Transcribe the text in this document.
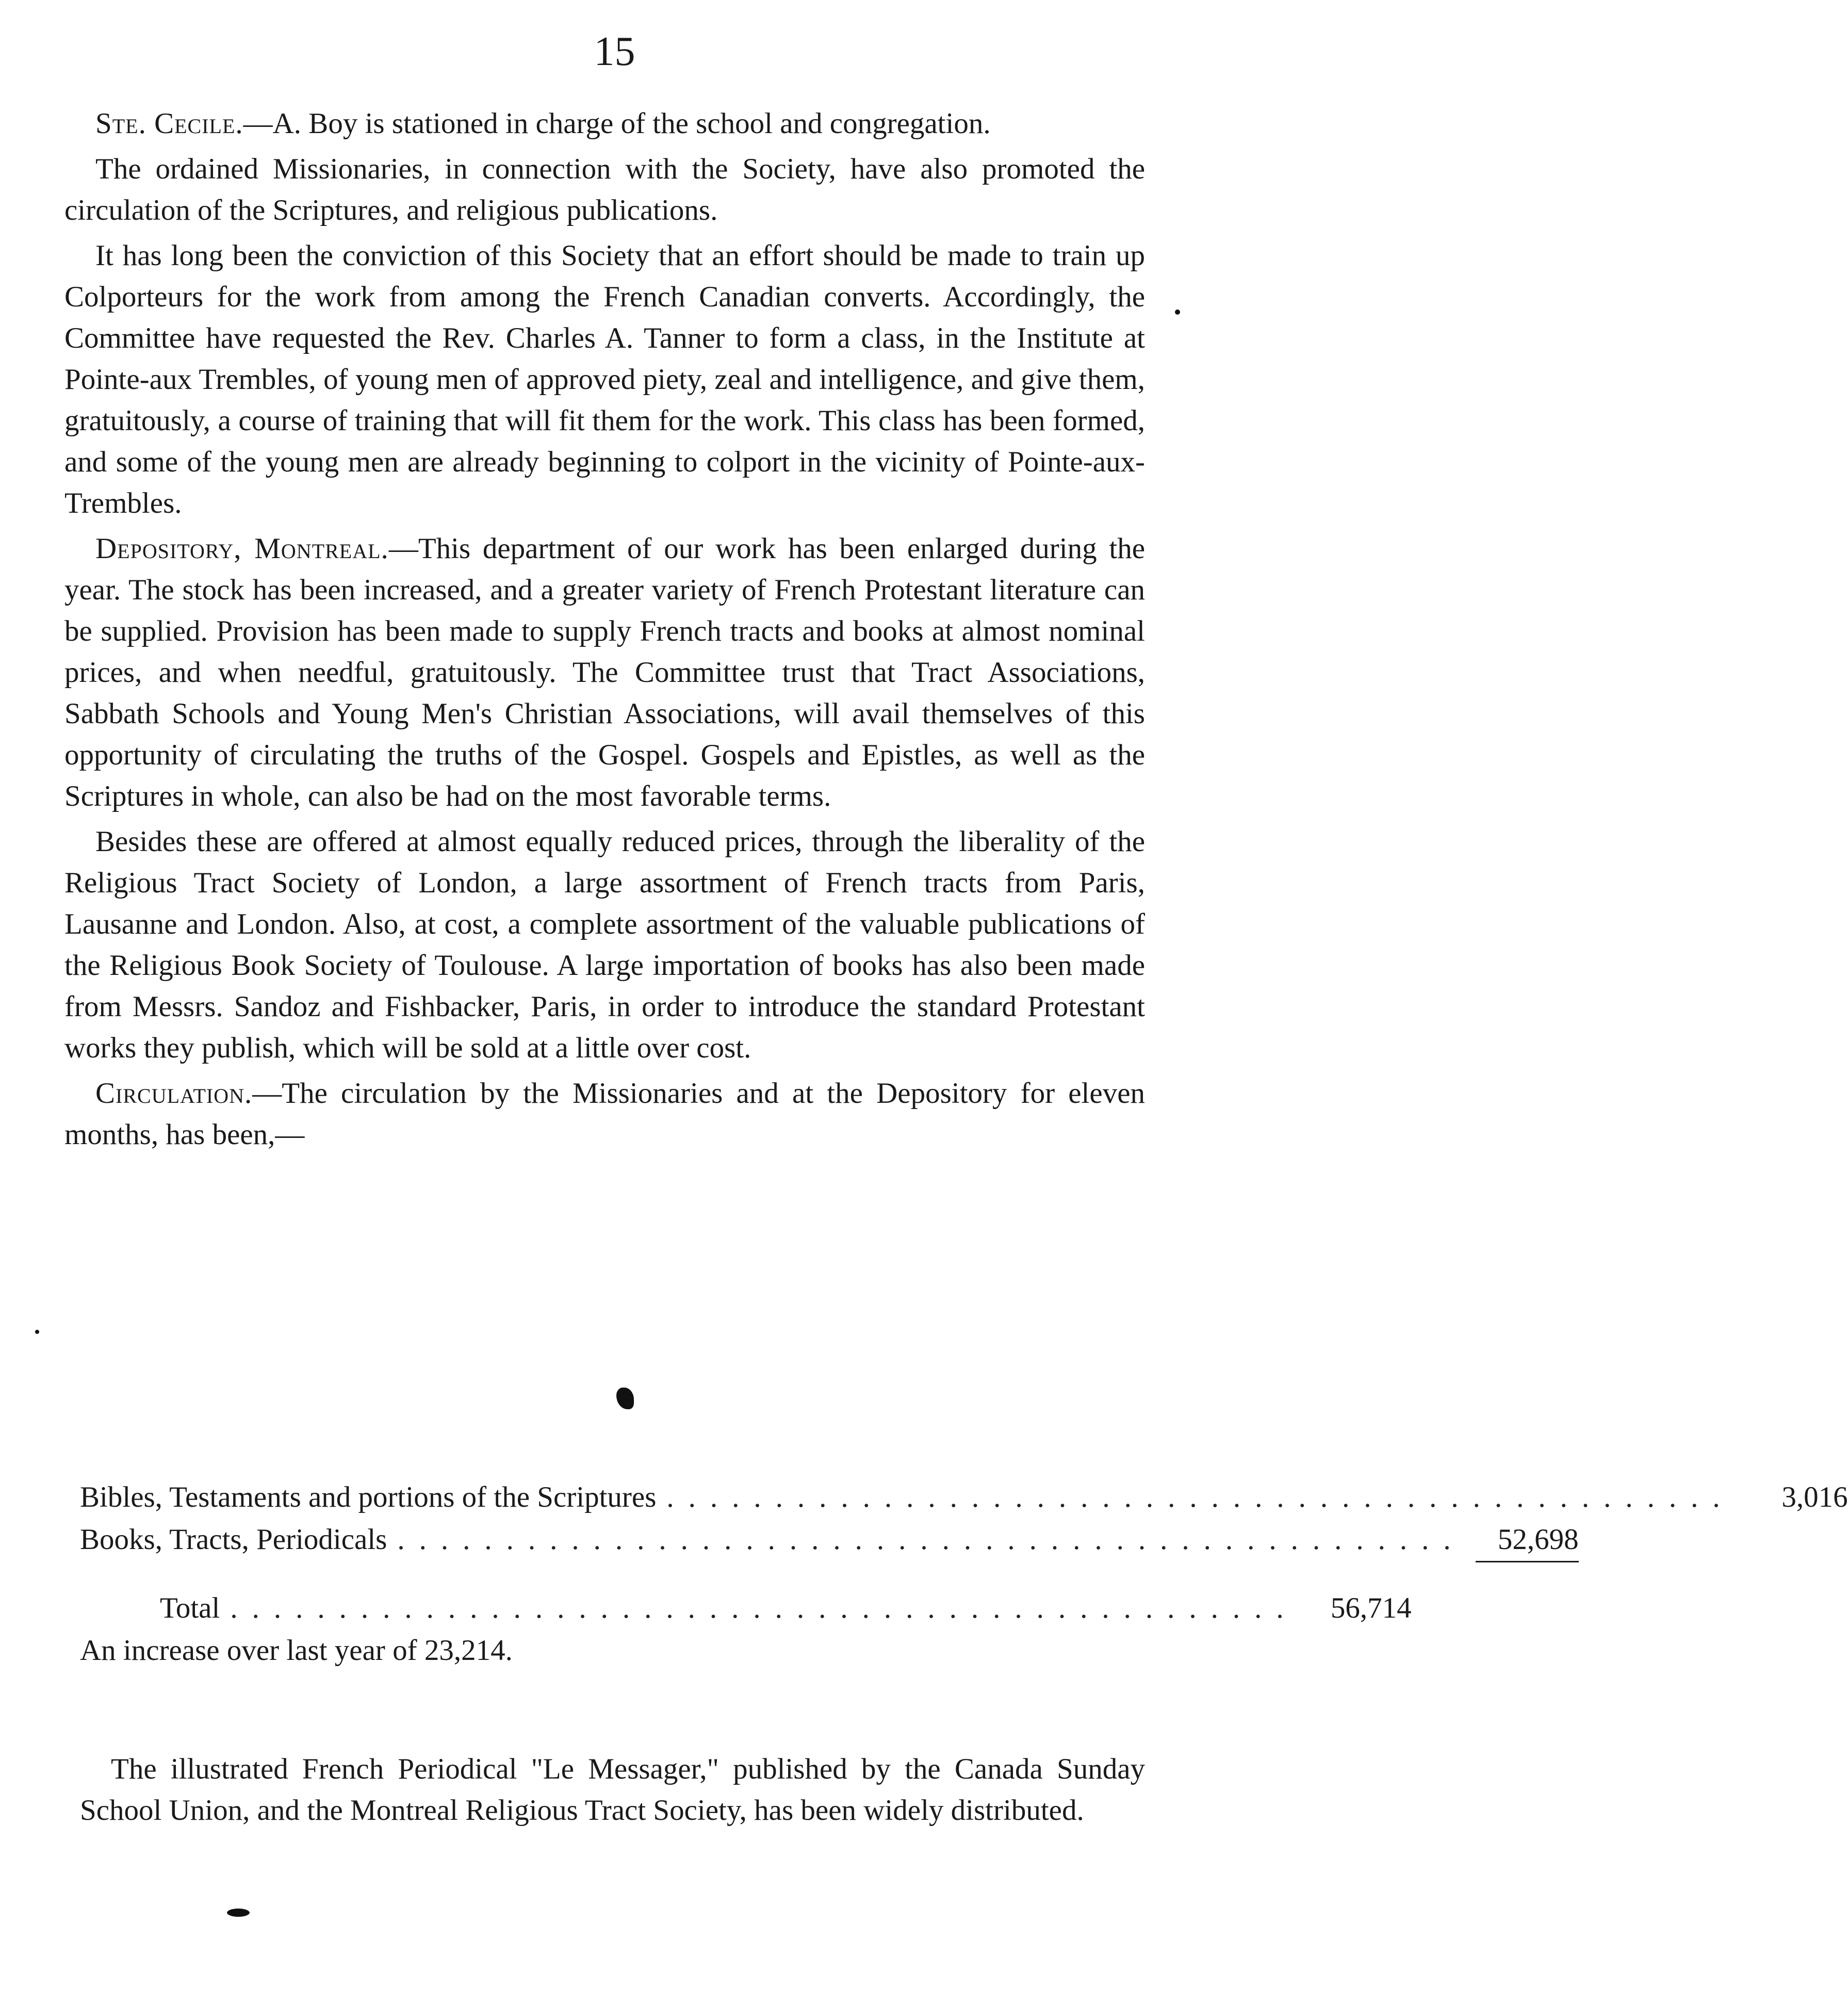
15

Ste. Cecile.—A. Boy is stationed in charge of the school and congregation.

The ordained Missionaries, in connection with the Society, have also promoted the circulation of the Scriptures, and religious publications.

It has long been the conviction of this Society that an effort should be made to train up Colporteurs for the work from among the French Canadian converts. Accordingly, the Committee have requested the Rev. Charles A. Tanner to form a class, in the Institute at Pointe-aux Trembles, of young men of approved piety, zeal and intelligence, and give them, gratuitously, a course of training that will fit them for the work. This class has been formed, and some of the young men are already beginning to colport in the vicinity of Pointe-aux-Trembles.

Depository, Montreal.—This department of our work has been enlarged during the year. The stock has been increased, and a greater variety of French Protestant literature can be supplied. Provision has been made to supply French tracts and books at almost nominal prices, and when needful, gratuitously. The Committee trust that Tract Associations, Sabbath Schools and Young Men's Christian Associations, will avail themselves of this opportunity of circulating the truths of the Gospel. Gospels and Epistles, as well as the Scriptures in whole, can also be had on the most favorable terms.

Besides these are offered at almost equally reduced prices, through the liberality of the Religious Tract Society of London, a large assortment of French tracts from Paris, Lausanne and London. Also, at cost, a complete assortment of the valuable publications of the Religious Book Society of Toulouse. A large importation of books has also been made from Messrs. Sandoz and Fishbacker, Paris, in order to introduce the standard Protestant works they publish, which will be sold at a little over cost.

Circulation.—The circulation by the Missionaries and at the Depository for eleven months, has been,—

Bibles, Testaments and portions of the Scriptures .................................................	3,016
Books, Tracts, Periodicals .................................................	52,698
Total .................................................	56,714
An increase over last year of 23,214.
The illustrated French Periodical "Le Messager," published by the Canada Sunday School Union, and the Montreal Religious Tract Society, has been widely distributed.
